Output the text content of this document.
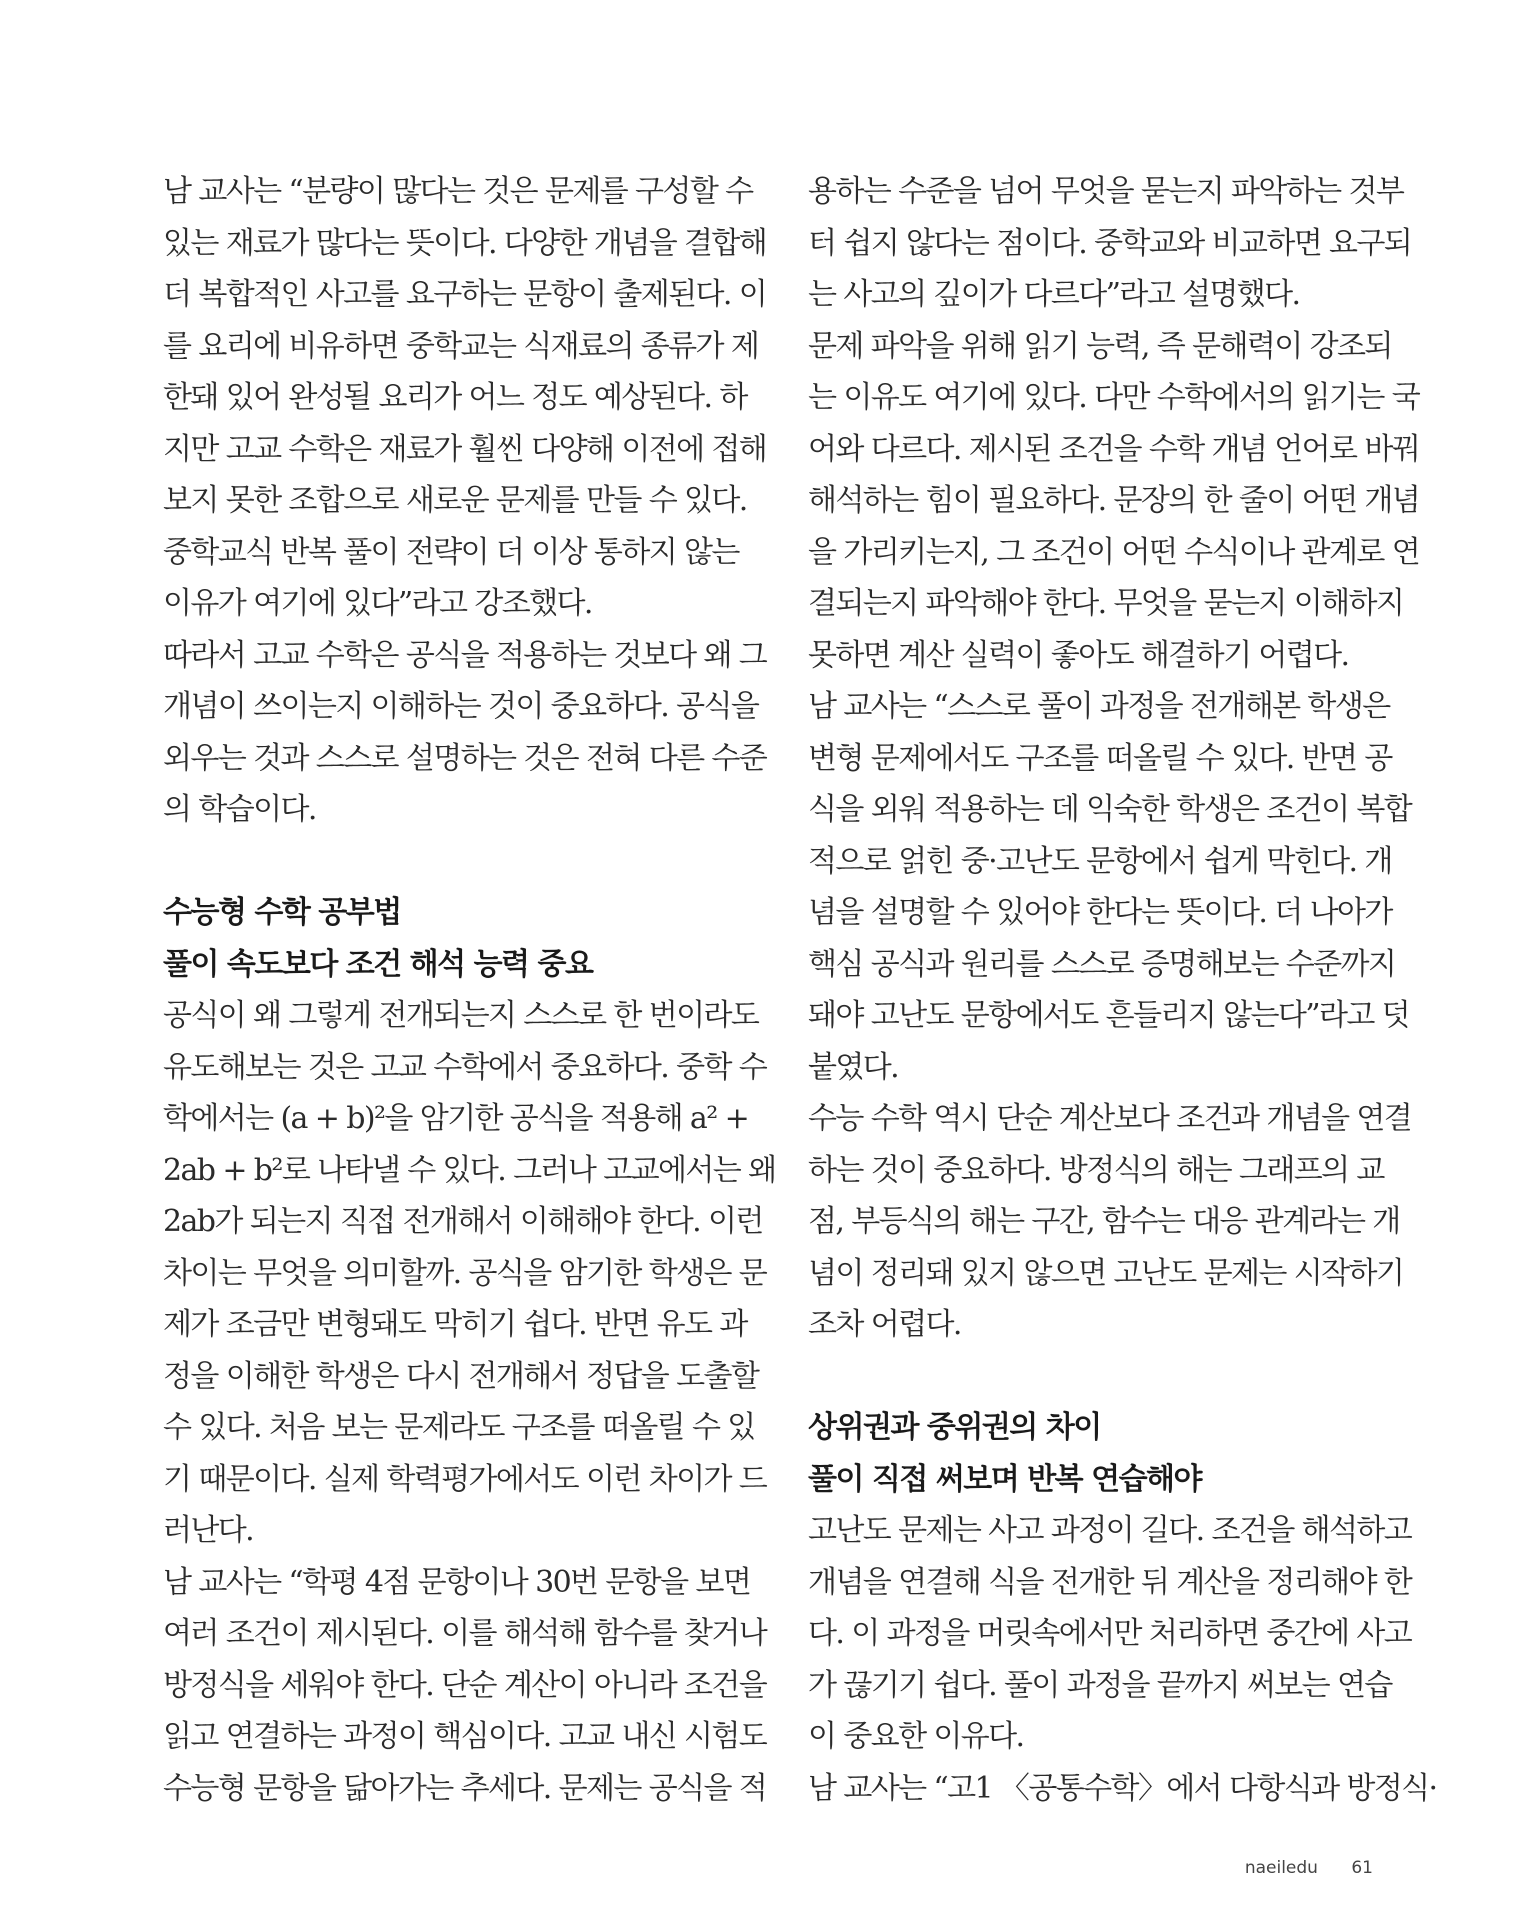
남 교사는 “분량이 많다는 것은 문제를 구성할 수
있는 재료가 많다는 뜻이다. 다양한 개념을 결합해
더 복합적인 사고를 요구하는 문항이 출제된다. 이
를 요리에 비유하면 중학교는 식재료의 종류가 제
한돼 있어 완성될 요리가 어느 정도 예상된다. 하
지만 고교 수학은 재료가 훨씬 다양해 이전에 접해
보지 못한 조합으로 새로운 문제를 만들 수 있다.
중학교식 반복 풀이 전략이 더 이상 통하지 않는
이유가 여기에 있다”라고 강조했다.
따라서 고교 수학은 공식을 적용하는 것보다 왜 그
개념이 쓰이는지 이해하는 것이 중요하다. 공식을
외우는 것과 스스로 설명하는 것은 전혀 다른 수준
의 학습이다.
수능형 수학 공부법
풀이 속도보다 조건 해석 능력 중요
공식이 왜 그렇게 전개되는지 스스로 한 번이라도
유도해보는 것은 고교 수학에서 중요하다. 중학 수
학에서는 (a + b)²을 암기한 공식을 적용해 a² +
2ab + b²로 나타낼 수 있다. 그러나 고교에서는 왜
2ab가 되는지 직접 전개해서 이해해야 한다. 이런
차이는 무엇을 의미할까. 공식을 암기한 학생은 문
제가 조금만 변형돼도 막히기 쉽다. 반면 유도 과
정을 이해한 학생은 다시 전개해서 정답을 도출할
수 있다. 처음 보는 문제라도 구조를 떠올릴 수 있
기 때문이다. 실제 학력평가에서도 이런 차이가 드
러난다.
남 교사는 “학평 4점 문항이나 30번 문항을 보면
여러 조건이 제시된다. 이를 해석해 함수를 찾거나
방정식을 세워야 한다. 단순 계산이 아니라 조건을
읽고 연결하는 과정이 핵심이다. 고교 내신 시험도
수능형 문항을 닮아가는 추세다. 문제는 공식을 적
용하는 수준을 넘어 무엇을 묻는지 파악하는 것부
터 쉽지 않다는 점이다. 중학교와 비교하면 요구되
는 사고의 깊이가 다르다”라고 설명했다.
문제 파악을 위해 읽기 능력, 즉 문해력이 강조되
는 이유도 여기에 있다. 다만 수학에서의 읽기는 국
어와 다르다. 제시된 조건을 수학 개념 언어로 바꿔
해석하는 힘이 필요하다. 문장의 한 줄이 어떤 개념
을 가리키는지, 그 조건이 어떤 수식이나 관계로 연
결되는지 파악해야 한다. 무엇을 묻는지 이해하지
못하면 계산 실력이 좋아도 해결하기 어렵다.
남 교사는 “스스로 풀이 과정을 전개해본 학생은
변형 문제에서도 구조를 떠올릴 수 있다. 반면 공
식을 외워 적용하는 데 익숙한 학생은 조건이 복합
적으로 얽힌 중·고난도 문항에서 쉽게 막힌다. 개
념을 설명할 수 있어야 한다는 뜻이다. 더 나아가
핵심 공식과 원리를 스스로 증명해보는 수준까지
돼야 고난도 문항에서도 흔들리지 않는다”라고 덧
붙였다.
수능 수학 역시 단순 계산보다 조건과 개념을 연결
하는 것이 중요하다. 방정식의 해는 그래프의 교
점, 부등식의 해는 구간, 함수는 대응 관계라는 개
념이 정리돼 있지 않으면 고난도 문제는 시작하기
조차 어렵다.
상위권과 중위권의 차이
풀이 직접 써보며 반복 연습해야
고난도 문제는 사고 과정이 길다. 조건을 해석하고
개념을 연결해 식을 전개한 뒤 계산을 정리해야 한
다. 이 과정을 머릿속에서만 처리하면 중간에 사고
가 끊기기 쉽다. 풀이 과정을 끝까지 써보는 연습
이 중요한 이유다.
남 교사는 “고1 〈공통수학〉에서 다항식과 방정식·
naeiledu 61
